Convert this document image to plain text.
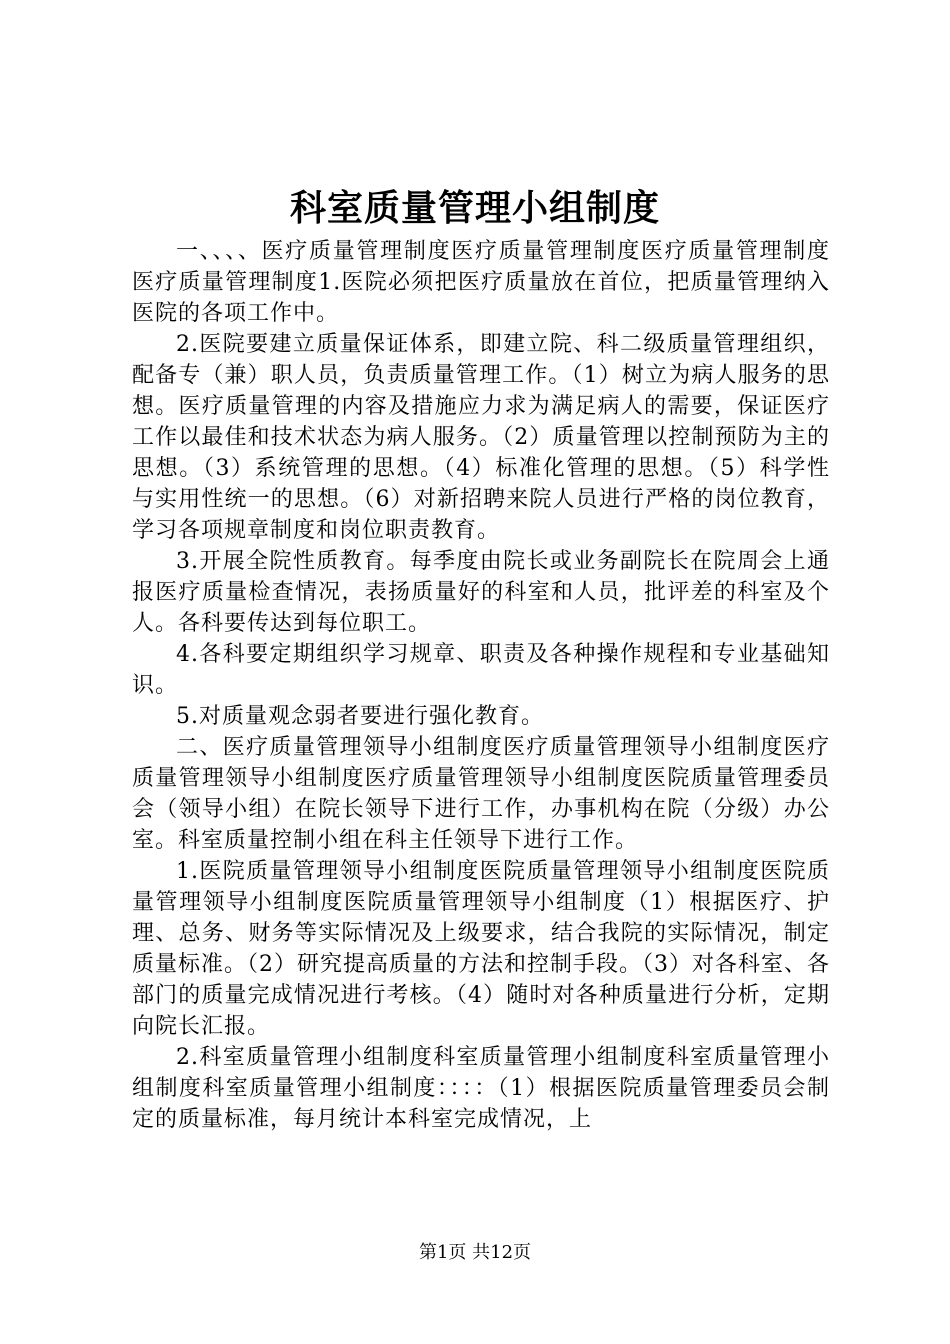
科室质量管理小组制度

一、、、、医疗质量管理制度医疗质量管理制度医疗质量管理制度医疗质量管理制度1.医院必须把医疗质量放在首位，把质量管理纳入医院的各项工作中。

2.医院要建立质量保证体系，即建立院、科二级质量管理组织，配备专（兼）职人员，负责质量管理工作。（1）树立为病人服务的思想。医疗质量管理的内容及措施应力求为满足病人的需要，保证医疗工作以最佳和技术状态为病人服务。（2）质量管理以控制预防为主的思想。（3）系统管理的思想。（4）标准化管理的思想。（5）科学性与实用性统一的思想。（6）对新招聘来院人员进行严格的岗位教育，学习各项规章制度和岗位职责教育。

3.开展全院性质教育。每季度由院长或业务副院长在院周会上通报医疗质量检查情况，表扬质量好的科室和人员，批评差的科室及个人。各科要传达到每位职工。

4.各科要定期组织学习规章、职责及各种操作规程和专业基础知识。

5.对质量观念弱者要进行强化教育。

二、医疗质量管理领导小组制度医疗质量管理领导小组制度医疗质量管理领导小组制度医疗质量管理领导小组制度医院质量管理委员会（领导小组）在院长领导下进行工作，办事机构在院（分级）办公室。科室质量控制小组在科主任领导下进行工作。

1.医院质量管理领导小组制度医院质量管理领导小组制度医院质量管理领导小组制度医院质量管理领导小组制度（1）根据医疗、护理、总务、财务等实际情况及上级要求，结合我院的实际情况，制定质量标准。（2）研究提高质量的方法和控制手段。（3）对各科室、各部门的质量完成情况进行考核。（4）随时对各种质量进行分析，定期向院长汇报。

2.科室质量管理小组制度科室质量管理小组制度科室质量管理小组制度科室质量管理小组制度：：：：（1）根据医院质量管理委员会制定的质量标准，每月统计本科室完成情况，上

第1页 共12页
